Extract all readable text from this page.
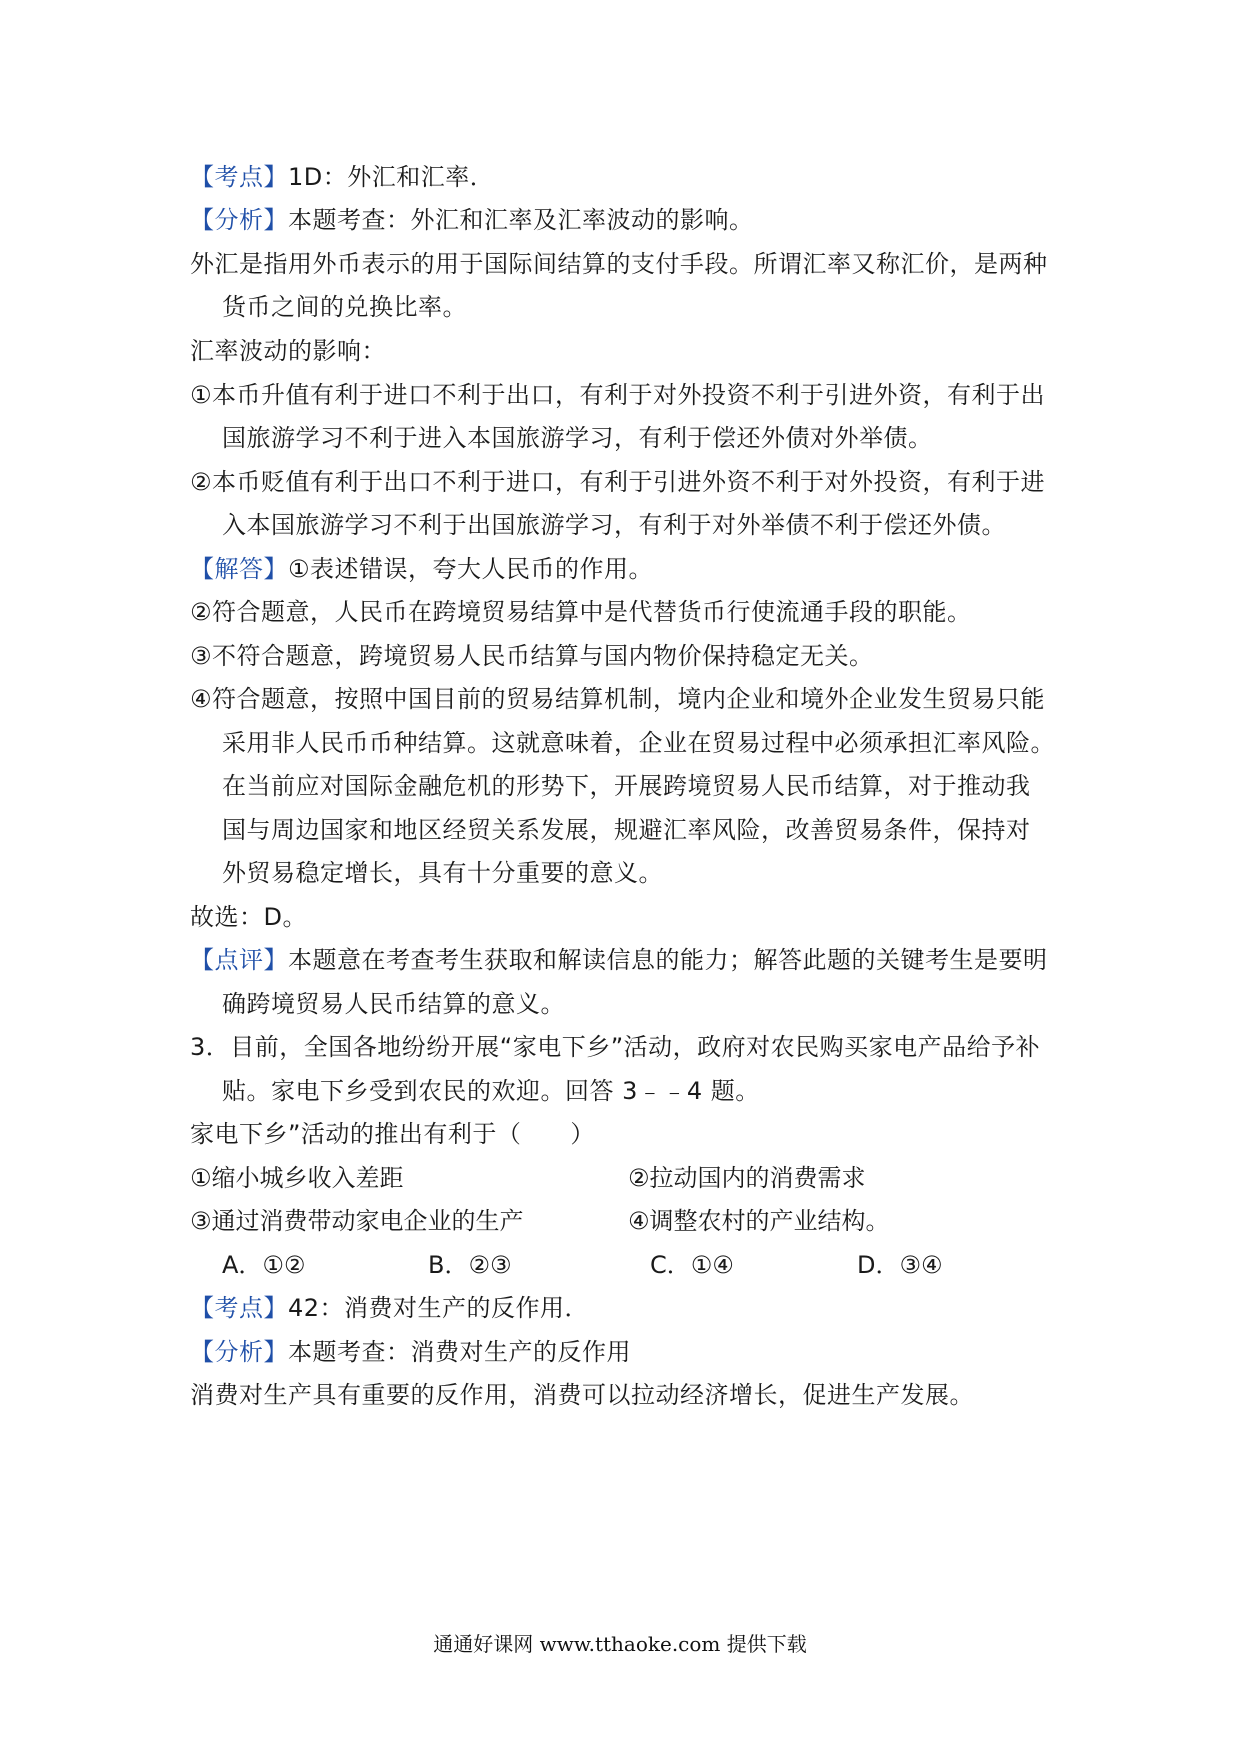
【考点】1D：外汇和汇率．
【分析】本题考查：外汇和汇率及汇率波动的影响。
外汇是指用外币表示的用于国际间结算的支付手段。所谓汇率又称汇价，是两种
货币之间的兑换比率。
汇率波动的影响：
①本币升值有利于进口不利于出口，有利于对外投资不利于引进外资，有利于出
国旅游学习不利于进入本国旅游学习，有利于偿还外债对外举债。
②本币贬值有利于出口不利于进口，有利于引进外资不利于对外投资，有利于进
入本国旅游学习不利于出国旅游学习，有利于对外举债不利于偿还外债。
【解答】①表述错误，夸大人民币的作用。
②符合题意，人民币在跨境贸易结算中是代替货币行使流通手段的职能。
③不符合题意，跨境贸易人民币结算与国内物价保持稳定无关。
④符合题意，按照中国目前的贸易结算机制，境内企业和境外企业发生贸易只能
采用非人民币币种结算。这就意味着，企业在贸易过程中必须承担汇率风险。
在当前应对国际金融危机的形势下，开展跨境贸易人民币结算，对于推动我
国与周边国家和地区经贸关系发展，规避汇率风险，改善贸易条件，保持对
外贸易稳定增长，具有十分重要的意义。
故选：D。
【点评】本题意在考查考生获取和解读信息的能力；解答此题的关键考生是要明
确跨境贸易人民币结算的意义。
3．目前，全国各地纷纷开展“家电下乡”活动，政府对农民购买家电产品给予补
贴。家电下乡受到农民的欢迎。回答 3﹣﹣4 题。
家电下乡”活动的推出有利于（　　）
①缩小城乡收入差距	②拉动国内的消费需求
③通过消费带动家电企业的生产	④调整农村的产业结构。
A．①②	B．②③	C．①④	D．③④
【考点】42：消费对生产的反作用．
【分析】本题考查：消费对生产的反作用
消费对生产具有重要的反作用，消费可以拉动经济增长，促进生产发展。
通通好课网 www.tthaoke.com 提供下载
